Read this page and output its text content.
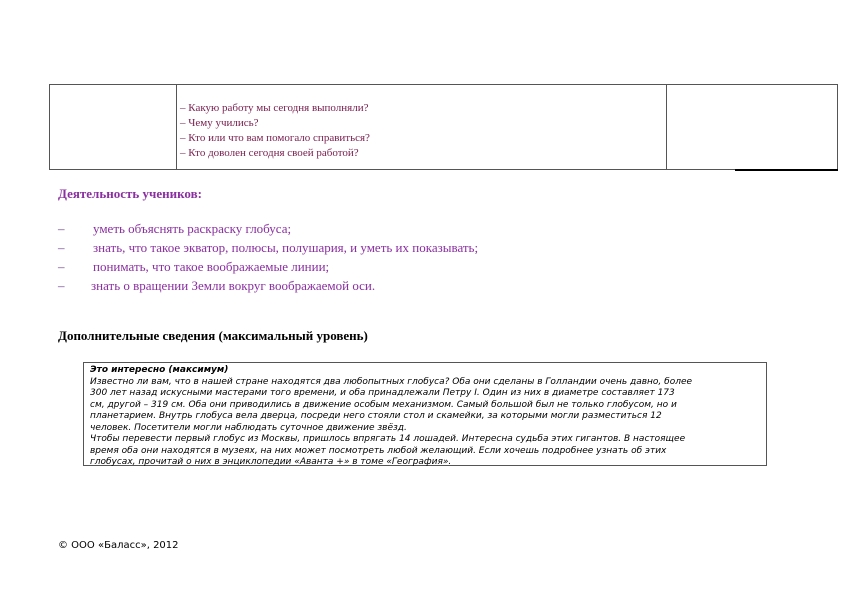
– Какую работу мы сегодня выполняли?
– Чему учились?
– Кто или что вам помогало справиться?
– Кто доволен сегодня своей работой?
Деятельность учеников:
– уметь объяснять раскраску глобуса;
– знать, что такое экватор, полюсы, полушария, и уметь их показывать;
– понимать, что такое воображаемые линии;
– знать о вращении Земли вокруг воображаемой оси.
Дополнительные сведения (максимальный уровень)

Это интересно (максимум)

Известно ли вам, что в нашей стране находятся два любопытных глобуса? Оба они сделаны в Голландии очень давно, более

300 лет назад искусными мастерами того времени, и оба принадлежали Петру I. Один из них в диаметре составляет 173

см, другой – 319 см. Оба они приводились в движение особым механизмом. Самый большой был не только глобусом, но и

планетарием. Внутрь глобуса вела дверца, посреди него стояли стол и скамейки, за которыми могли разместиться 12

человек. Посетители могли наблюдать суточное движение звёзд.

Чтобы перевести первый глобус из Москвы, пришлось впрягать 14 лошадей. Интересна судьба этих гигантов. В настоящее

время оба они находятся в музеях, на них может посмотреть любой желающий. Если хочешь подробнее узнать об этих

глобусах, прочитай о них в энциклопедии «Аванта +» в томе «География».

© ООО «Баласс», 2012
